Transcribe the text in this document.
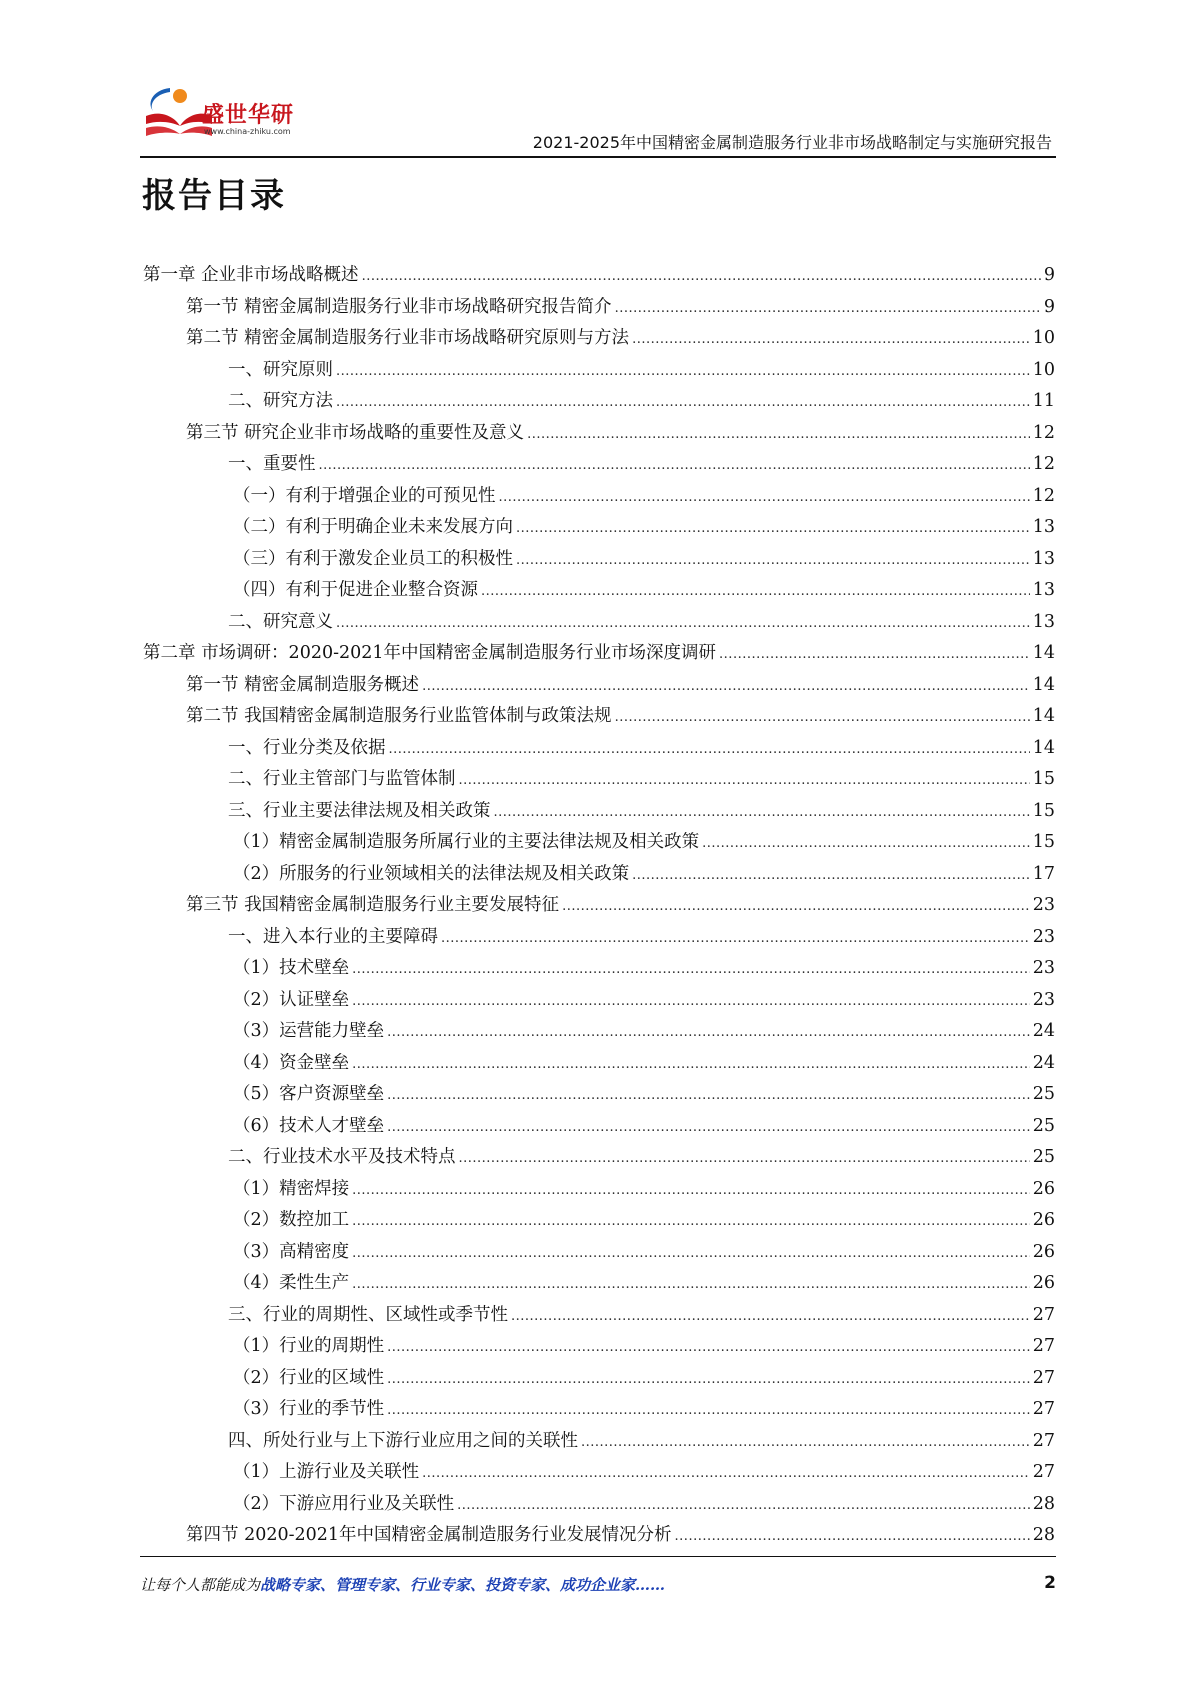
盛世华研
www.china-zhiku.com
2021-2025年中国精密金属制造服务行业非市场战略制定与实施研究报告
报告目录
第一章 企业非市场战略概述 .....	9
第一节 精密金属制造服务行业非市场战略研究报告简介 .....	9
第二节 精密金属制造服务行业非市场战略研究原则与方法 .....	10
一、研究原则 .....	10
二、研究方法 .....	11
第三节 研究企业非市场战略的重要性及意义 .....	12
一、重要性 .....	12
（一）有利于增强企业的可预见性 .....	12
（二）有利于明确企业未来发展方向 .....	13
（三）有利于激发企业员工的积极性 .....	13
（四）有利于促进企业整合资源 .....	13
二、研究意义 .....	13
第二章 市场调研：2020-2021年中国精密金属制造服务行业市场深度调研 .....	14
第一节 精密金属制造服务概述 .....	14
第二节 我国精密金属制造服务行业监管体制与政策法规 .....	14
一、行业分类及依据 .....	14
二、行业主管部门与监管体制 .....	15
三、行业主要法律法规及相关政策 .....	15
（1）精密金属制造服务所属行业的主要法律法规及相关政策 .....	15
（2）所服务的行业领域相关的法律法规及相关政策 .....	17
第三节 我国精密金属制造服务行业主要发展特征 .....	23
一、进入本行业的主要障碍 .....	23
（1）技术壁垒 .....	23
（2）认证壁垒 .....	23
（3）运营能力壁垒 .....	24
（4）资金壁垒 .....	24
（5）客户资源壁垒 .....	25
（6）技术人才壁垒 .....	25
二、行业技术水平及技术特点 .....	25
（1）精密焊接 .....	26
（2）数控加工 .....	26
（3）高精密度 .....	26
（4）柔性生产 .....	26
三、行业的周期性、区域性或季节性 .....	27
（1）行业的周期性 .....	27
（2）行业的区域性 .....	27
（3）行业的季节性 .....	27
四、所处行业与上下游行业应用之间的关联性 .....	27
（1）上游行业及关联性 .....	27
（2）下游应用行业及关联性 .....	28
第四节 2020-2021年中国精密金属制造服务行业发展情况分析 .....	28
让每个人都能成为战略专家、管理专家、行业专家、投资专家、成功企业家……	2
